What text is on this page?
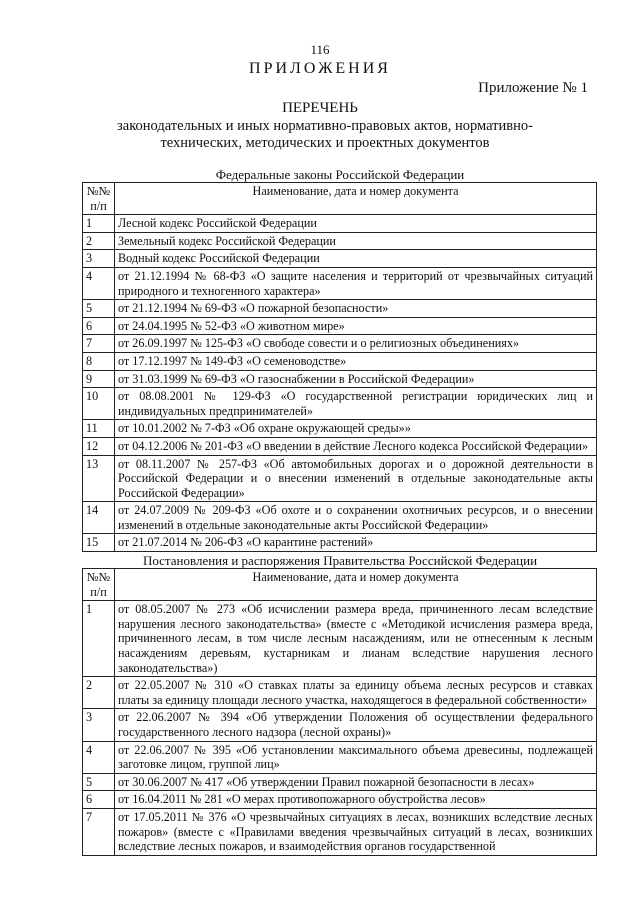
116
ПРИЛОЖЕНИЯ
Приложение № 1
ПЕРЕЧЕНЬ
законодательных и иных нормативно-правовых актов, нормативно-технических, методических и проектных документов
Федеральные законы Российской Федерации
№№ п/п	Наименование, дата и номер документа
1	Лесной кодекс Российской Федерации
2	Земельный кодекс Российской Федерации
3	Водный кодекс Российской Федерации
4	от 21.12.1994 № 68-ФЗ «О защите населения и территорий от чрезвычайных ситуаций природного и техногенного характера»
5	от 21.12.1994 № 69-ФЗ «О пожарной безопасности»
6	от 24.04.1995 № 52-ФЗ «О животном мире»
7	от 26.09.1997 № 125-ФЗ «О свободе совести и о религиозных объединениях»
8	от 17.12.1997 № 149-ФЗ «О семеноводстве»
9	от 31.03.1999 № 69-ФЗ «О газоснабжении в Российской Федерации»
10	от 08.08.2001 № 129-ФЗ «О государственной регистрации юридических лиц и индивидуальных предпринимателей»
11	от 10.01.2002 № 7-ФЗ «Об охране окружающей среды»»
12	от 04.12.2006 № 201-ФЗ «О введении в действие Лесного кодекса Российской Федерации»
13	от 08.11.2007 № 257-ФЗ «Об автомобильных дорогах и о дорожной деятельности в Российской Федерации и о внесении изменений в отдельные законодательные акты Российской Федерации»
14	от 24.07.2009 № 209-ФЗ «Об охоте и о сохранении охотничьих ресурсов, и о внесении изменений в отдельные законодательные акты Российской Федерации»
15	от 21.07.2014 № 206-ФЗ «О карантине растений»
Постановления и распоряжения Правительства Российской Федерации
№№ п/п	Наименование, дата и номер документа
1	от 08.05.2007 № 273 «Об исчислении размера вреда, причиненного лесам вследствие нарушения лесного законодательства» (вместе с «Методикой исчисления размера вреда, причиненного лесам, в том числе лесным насаждениям, или не отнесенным к лесным насаждениям деревьям, кустарникам и лианам вследствие нарушения лесного законодательства»)
2	от 22.05.2007 № 310 «О ставках платы за единицу объема лесных ресурсов и ставках платы за единицу площади лесного участка, находящегося в федеральной собственности»
3	от 22.06.2007 № 394 «Об утверждении Положения об осуществлении федерального государственного лесного надзора (лесной охраны)»
4	от 22.06.2007 № 395 «Об установлении максимального объема древесины, подлежащей заготовке лицом, группой лиц»
5	от 30.06.2007 № 417 «Об утверждении Правил пожарной безопасности в лесах»
6	от 16.04.2011 № 281 «О мерах противопожарного обустройства лесов»
7	от 17.05.2011 № 376 «О чрезвычайных ситуациях в лесах, возникших вследствие лесных пожаров» (вместе с «Правилами введения чрезвычайных ситуаций в лесах, возникших вследствие лесных пожаров, и взаимодействия органов государственной
